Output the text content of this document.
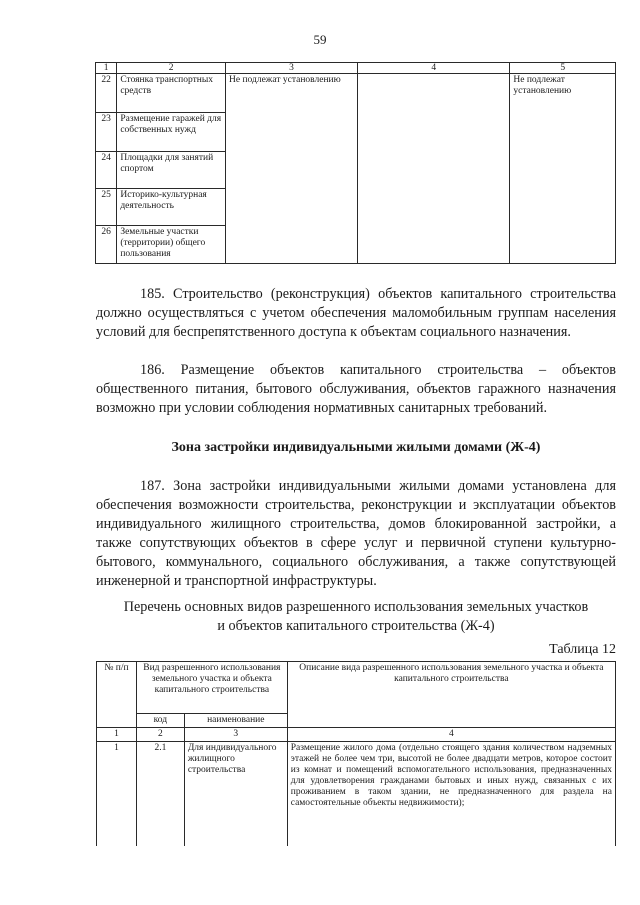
59
1	2	3	4	5
22	Стоянка транспортных средств	Не подлежат установлению		Не подлежат установлению
23	Размещение гаражей для собственных нужд			
24	Площадки для занятий спортом			
25	Историко-культурная деятельность			
26	Земельные участки (территории) общего пользования			

185. Строительство (реконструкция) объектов капитального строительства должно осуществляться с учетом обеспечения маломобильным группам населения условий для беспрепятственного доступа к объектам социального назначения.

186. Размещение объектов капитального строительства – объектов общественного питания, бытового обслуживания, объектов гаражного назначения возможно при условии соблюдения нормативных санитарных требований.

Зона застройки индивидуальными жилыми домами (Ж-4)

187. Зона застройки индивидуальными жилыми домами установлена для обеспечения возможности строительства, реконструкции и эксплуатации объектов индивидуального жилищного строительства, домов блокированной застройки, а также сопутствующих объектов в сфере услуг и первичной ступени культурно-бытового, коммунального, социального обслуживания, а также сопутствующей инженерной и транспортной инфраструктуры.

Перечень основных видов разрешенного использования земельных участков
и объектов капитального строительства (Ж-4)

Таблица 12

№ п/п	Вид разрешенного использования земельного участка и объекта капитального строительства		Описание вида разрешенного использования земельного участка и объекта капитального строительства
	код	наименование	
1	2	3	4
1	2.1	Для индивидуального жилищного строительства	Размещение жилого дома (отдельно стоящего здания количеством надземных этажей не более чем три, высотой не более двадцати метров, которое состоит из комнат и помещений вспомогательного использования, предназначенных для удовлетворения гражданами бытовых и иных нужд, связанных с их проживанием в таком здании, не предназначенного для раздела на самостоятельные объекты недвижимости);
